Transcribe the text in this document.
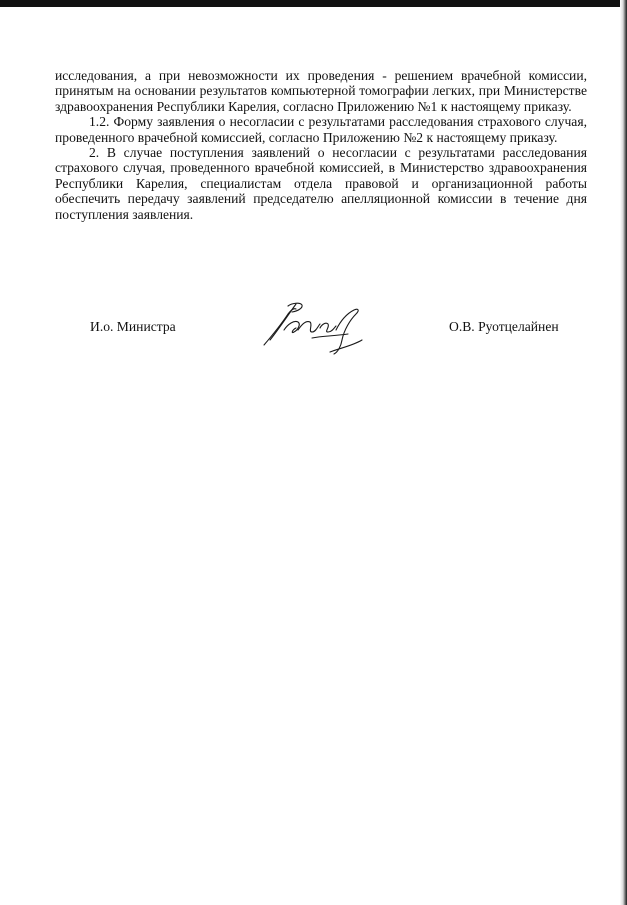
исследования, а при невозможности их проведения - решением врачебной комиссии, принятым на основании результатов компьютерной томографии легких, при Министерстве здравоохранения Республики Карелия, согласно Приложению №1 к настоящему приказу.

1.2. Форму заявления о несогласии с результатами расследования страхового случая, проведенного врачебной комиссией, согласно Приложению №2 к настоящему приказу.

2. В случае поступления заявлений о несогласии с результатами расследования страхового случая, проведенного врачебной комиссией, в Министерство здравоохранения Республики Карелия, специалистам отдела правовой и организационной работы обеспечить передачу заявлений председателю апелляционной комиссии в течение дня поступления заявления.

И.о. Министра	О.В. Руотцелайнен
